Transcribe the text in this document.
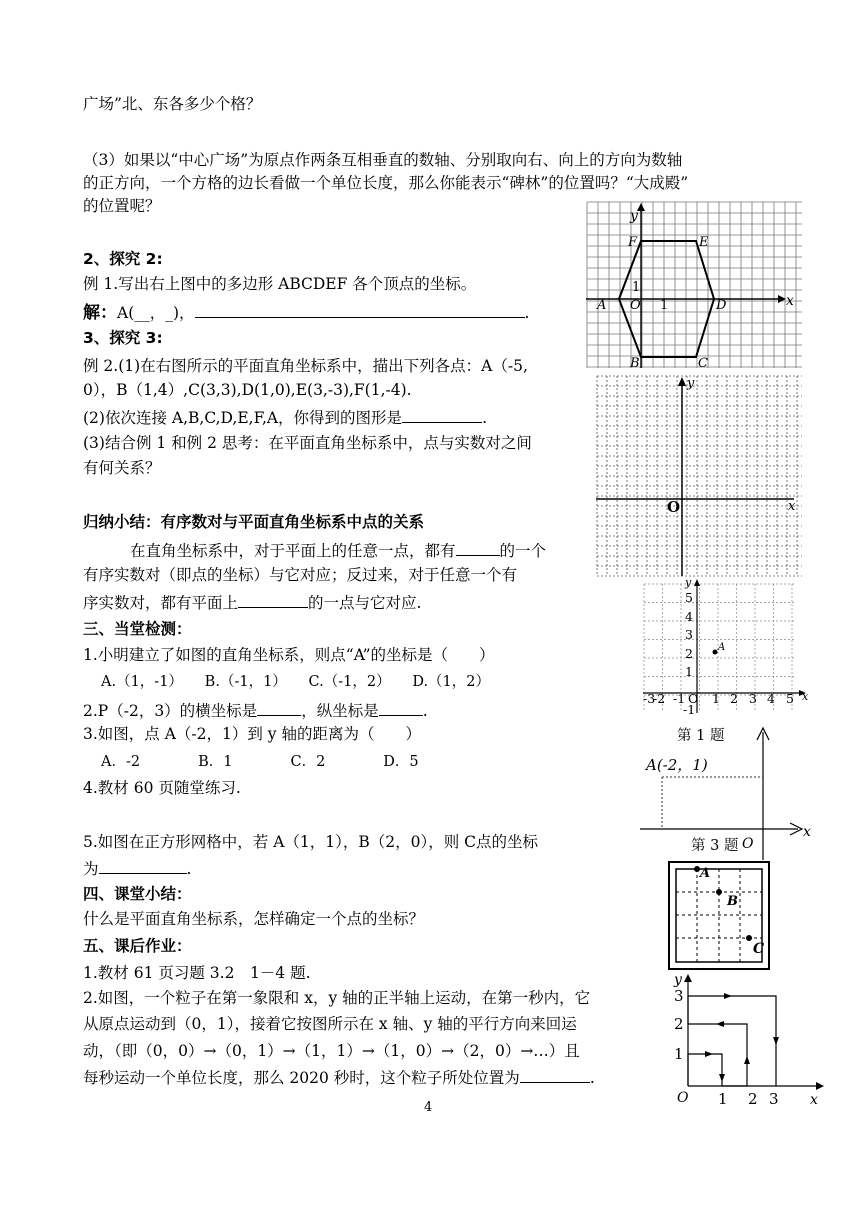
广场”北、东各多少个格？
（3）如果以“中心广场”为原点作两条互相垂直的数轴、分别取向右、向上的方向为数轴
的正方向，一个方格的边长看做一个单位长度，那么你能表示“碑林”的位置吗？“大成殿”
的位置呢？
2、探究 2:
例 1.写出右上图中的多边形 ABCDEF 各个顶点的坐标。
解：A(__，_)，	.
3、探究 3:
例 2.(1)在右图所示的平面直角坐标系中，描出下列各点：A（-5,
0），B（1,4）,C(3,3),D(1,0),E(3,-3),F(1,-4).
(2)依次连接 A,B,C,D,E,F,A，你得到的图形是	.
(3)结合例 1 和例 2 思考：在平面直角坐标系中，点与实数对之间
有何关系？
归纳小结：有序数对与平面直角坐标系中点的关系
在直角坐标系中，对于平面上的任意一点，都有	的一个
有序实数对（即点的坐标）与它对应；反过来，对于任意一个有
序实数对，都有平面上	的一点与它对应.
三、当堂检测：
1.小明建立了如图的直角坐标系，则点“A”的坐标是（　　）
A.（1，-1）　　B.（-1，1）　　C.（-1，2）　　D.（1，2）
2.P（-2，3）的横坐标是	，纵坐标是	.
3.如图，点 A（-2，1）到 y 轴的距离为（　　）
A．-2　　　　B．1　　　　C．2　　　　D．5
4.教材 60 页随堂练习.
5.如图在正方形网格中，若 A（1，1），B（2，0），则 C点的坐标
为	.
四、课堂小结：
什么是平面直角坐标系，怎样确定一个点的坐标？
五、课后作业：
1.教材 61 页习题 3.2　1－4 题.
2.如图，一个粒子在第一象限和 x，y 轴的正半轴上运动，在第一秒内，它
从原点运动到（0，1），接着它按图所示在 x 轴、y 轴的平行方向来回运
动，（即（0，0）→（0，1）→（1，1）→（1，0）→（2，0）→…）且
每秒运动一个单位长度，那么 2020 秒时，这个粒子所处位置为	.
4
x
y
F	E
A	D
B	C
O
1
1
x
y
O
y
x
A
5
4
3
2
1
-1
-3
-2 -1 O 1 2 3 4 5
第 1 题
A(-2，1)
O
x
第 3 题
A
B
C
y
x
O
1
2
3
1 2 3
